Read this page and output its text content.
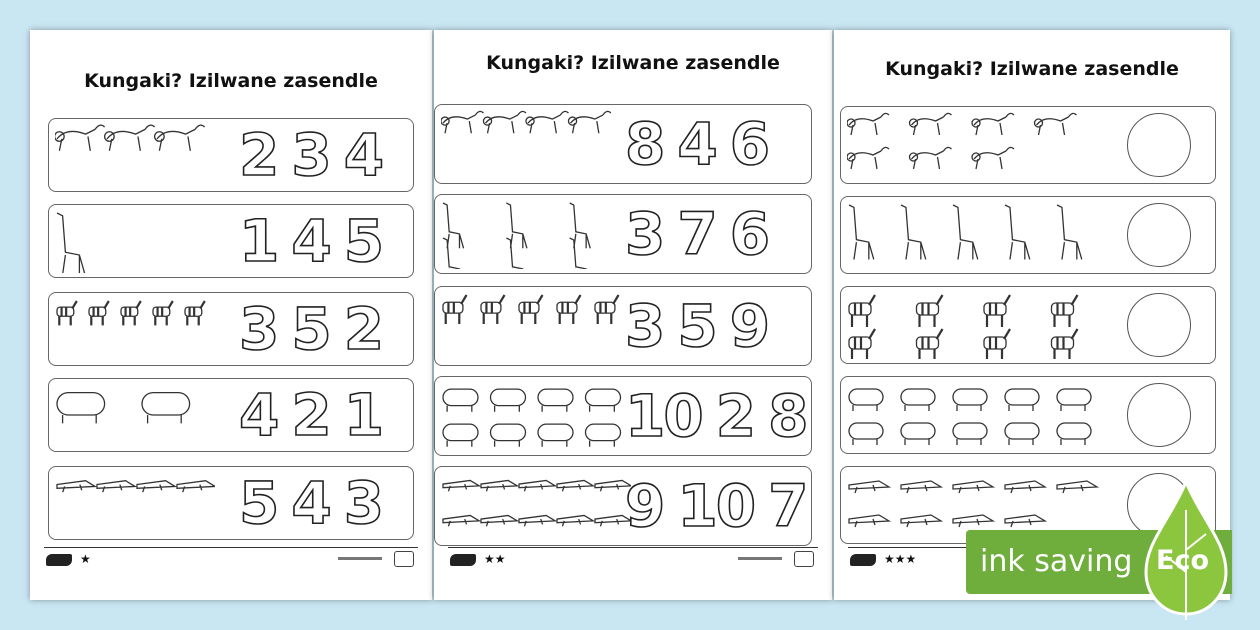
Kungaki? Izilwane zasendle
2 3 4
1 4 5
3 5 2
4 2 1
5 4 3
★
Kungaki? Izilwane zasendle
8 4 6
3 7 6
3 5 9
10 2 8
9 10 7
★★
Kungaki? Izilwane zasendle
★★★ ink saving Eco
